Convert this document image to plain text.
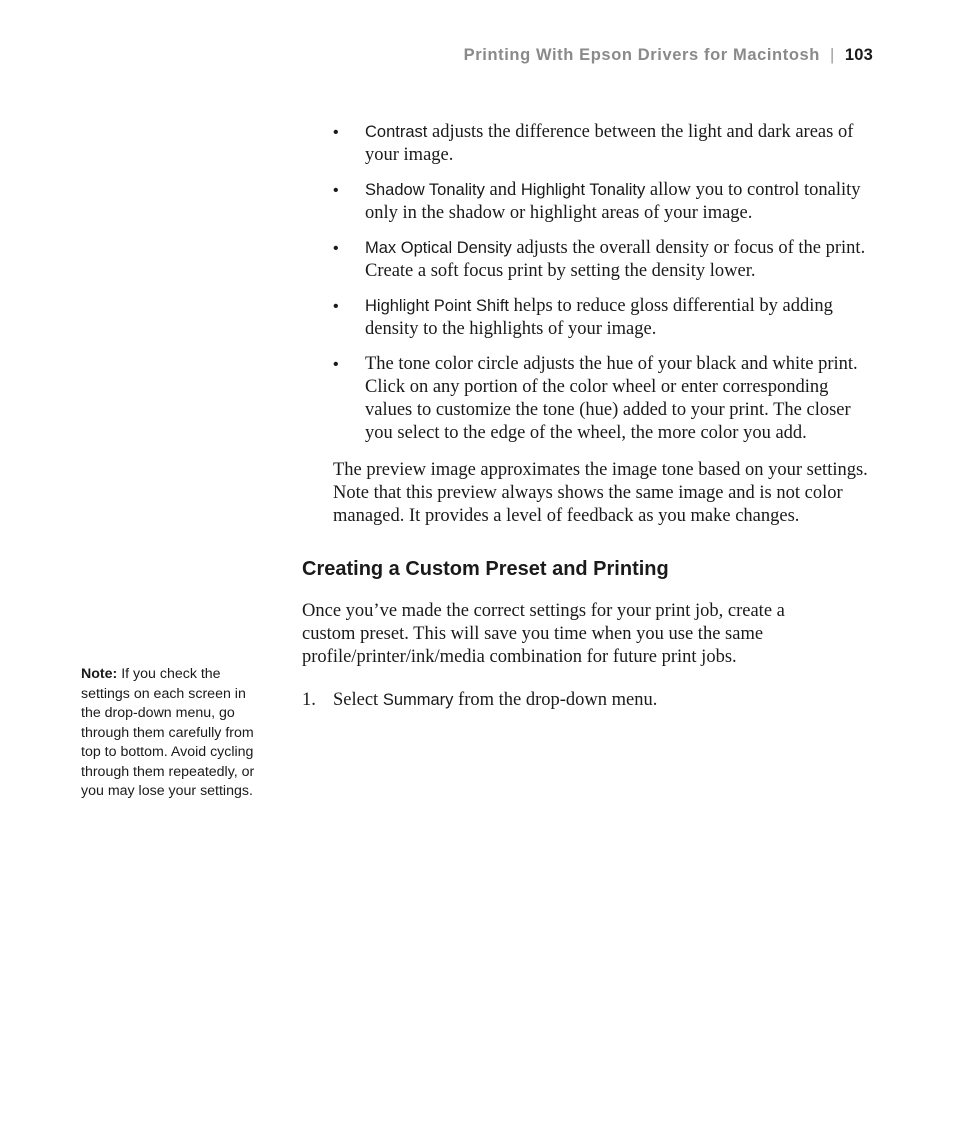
Printing With Epson Drivers for Macintosh | 103
• Contrast adjusts the difference between the light and dark areas of your image.
• Shadow Tonality and Highlight Tonality allow you to control tonality only in the shadow or highlight areas of your image.
• Max Optical Density adjusts the overall density or focus of the print. Create a soft focus print by setting the density lower.
• Highlight Point Shift helps to reduce gloss differential by adding density to the highlights of your image.
• The tone color circle adjusts the hue of your black and white print. Click on any portion of the color wheel or enter corresponding values to customize the tone (hue) added to your print. The closer you select to the edge of the wheel, the more color you add.

The preview image approximates the image tone based on your settings. Note that this preview always shows the same image and is not color managed. It provides a level of feedback as you make changes.

Creating a Custom Preset and Printing

Once you’ve made the correct settings for your print job, create a custom preset. This will save you time when you use the same profile/printer/ink/media combination for future print jobs.

1. Select Summary from the drop-down menu.

Note: If you check the settings on each screen in the drop-down menu, go through them carefully from top to bottom. Avoid cycling through them repeatedly, or you may lose your settings.
